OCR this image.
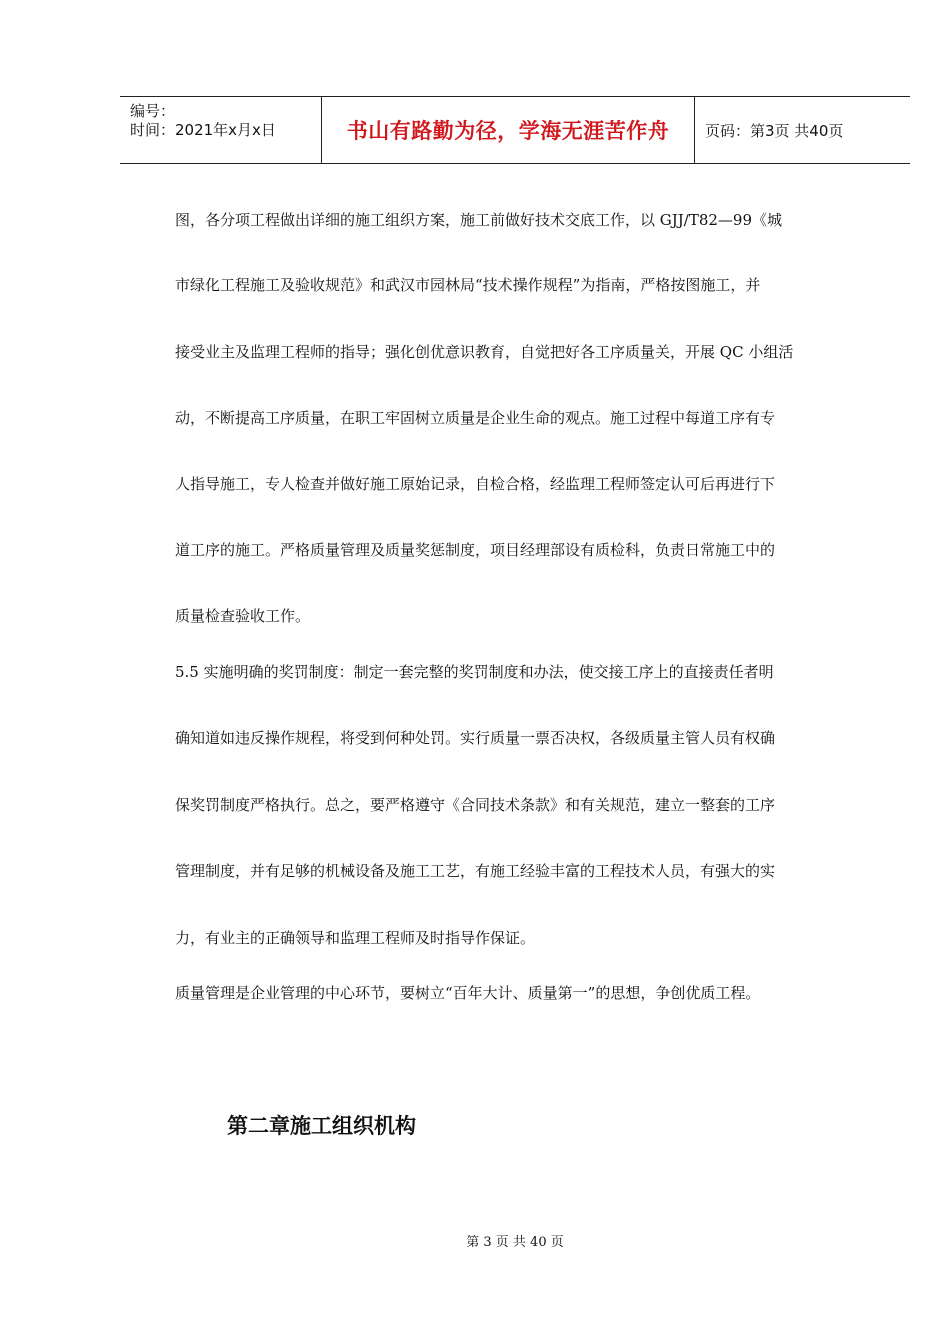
编号：
时间：2021年x月x日	书山有路勤为径，学海无涯苦作舟 页码：第3页 共40页
图，各分项工程做出详细的施工组织方案，施工前做好技术交底工作，以 GJJ/T82—99《城
市绿化工程施工及验收规范》和武汉市园林局“技术操作规程”为指南，严格按图施工，并
接受业主及监理工程师的指导；强化创优意识教育，自觉把好各工序质量关，开展 QC 小组活
动，不断提高工序质量，在职工牢固树立质量是企业生命的观点。施工过程中每道工序有专
人指导施工，专人检查并做好施工原始记录，自检合格，经监理工程师签定认可后再进行下
道工序的施工。严格质量管理及质量奖惩制度，项目经理部设有质检科，负责日常施工中的
质量检查验收工作。
5.5 实施明确的奖罚制度：制定一套完整的奖罚制度和办法，使交接工序上的直接责任者明
确知道如违反操作规程，将受到何种处罚。实行质量一票否决权，各级质量主管人员有权确
保奖罚制度严格执行。总之，要严格遵守《合同技术条款》和有关规范，建立一整套的工序
管理制度，并有足够的机械设备及施工工艺，有施工经验丰富的工程技术人员，有强大的实
力，有业主的正确领导和监理工程师及时指导作保证。
质量管理是企业管理的中心环节，要树立“百年大计、质量第一”的思想，争创优质工程。
第二章施工组织机构
第 3 页 共 40 页
